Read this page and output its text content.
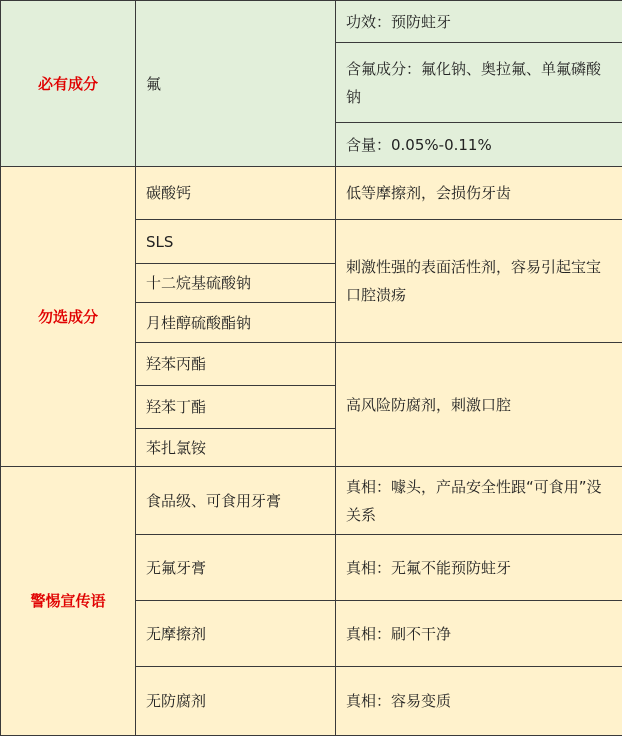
必有成分	氟	功效：预防蛀牙
		含氟成分：氟化钠、奥拉氟、单氟磷酸钠
		含量：0.05%-0.11%
勿选成分	碳酸钙	低等摩擦剂，会损伤牙齿
	SLS	刺激性强的表面活性剂，容易引起宝宝口腔溃疡
	十二烷基硫酸钠	
	月桂醇硫酸酯钠	
	羟苯丙酯	高风险防腐剂，刺激口腔
	羟苯丁酯	
	苯扎氯铵	
警惕宣传语	食品级、可食用牙膏	真相：噱头，产品安全性跟“可食用”没关系
	无氟牙膏	真相：无氟不能预防蛀牙
	无摩擦剂	真相：刷不干净
	无防腐剂	真相：容易变质
